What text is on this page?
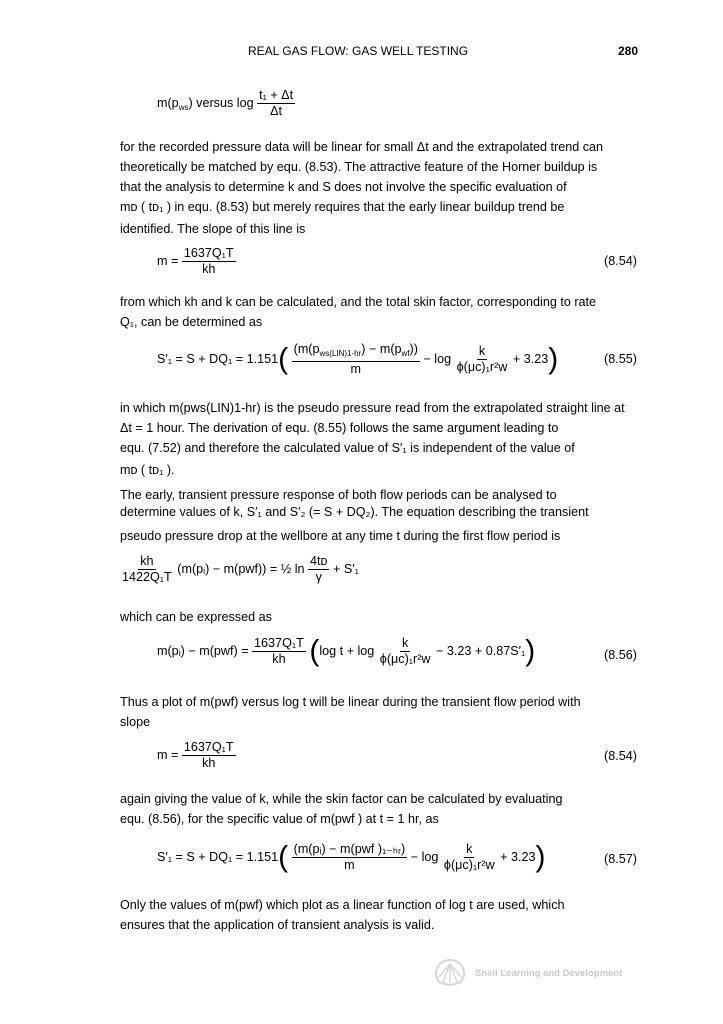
REAL GAS FLOW: GAS WELL TESTING	280
$m(p_{ws})$ versus $\log \frac{\text{t₁ + Δt}}{\Delta t}$
for the recorded pressure data will be linear for small Δt and the extrapolated trend can
theoretically be matched by equ. (8.53). The attractive feature of the Horner buildup is
that the analysis to determine k and S does not involve the specific evaluation of
mᴅ ( tᴅ₁ ) in equ. (8.53) but merely requires that the early linear buildup trend be
identified. The slope of this line is
$m = \frac{\text{1637Q₁T}}{kh}$	(8.54)
from which kh and k can be calculated, and the total skin factor, corresponding to rate
Q₁, can be determined as
$S'_1 = S + DQ_1 = 1.151( \frac{(m(p_{ws(LIN)1-hr}) - m(p_{wf}))}{m} - \log \frac{k}{\text{ϕ(μc)₁r²w}} + 3.23)$	(8.55)
in which m(pᴡs(LIN)1-hr) is the pseudo pressure read from the extrapolated straight line at
Δt = 1 hour. The derivation of equ. (8.55) follows the same argument leading to
equ. (7.52) and therefore the calculated value of S′₁ is independent of the value of
mᴅ ( tᴅ₁ ).
The early, transient pressure response of both flow periods can be analysed to
determine values of k, S′₁ and S′₂ (= S + DQ₂). The equation describing the transient
pseudo pressure drop at the wellbore at any time t during the first flow period is
$\frac{kh}{\text{1422Q₁T}}$ (m(pᵢ) − m(pᴡf)) = ½ $\ln \frac{\text{4tᴅ}}{\gamma} + S'_1$
which can be expressed as
m(pᵢ) − m(pᴡf) = $\frac{\text{1637Q₁T}}{kh} (\log$ $t + \log \frac{k}{\text{ϕ(μc)₁r²w}} - 3.23 + 0.87S'_1$)	(8.56)
Thus a plot of m(pᴡf) versus log t will be linear during the transient flow period with
slope
$m = \frac{\text{1637Q₁T}}{kh}$	(8.54)
again giving the value of k, while the skin factor can be calculated by evaluating
equ. (8.56), for the specific value of m(pᴡf ) at t = 1 hr, as
$S'_1 = S + DQ_1 = 1.151( \frac{\text{(m(pᵢ) − m(pᴡf )₁₋ₕᵣ)}}{m} - \log \frac{k}{\text{ϕ(μc)₁r²w}} + 3.23)$	(8.57)
Only the values of m(pᴡf) which plot as a linear function of log t are used, which
ensures that the application of transient analysis is valid.
Shell Learning and Development
